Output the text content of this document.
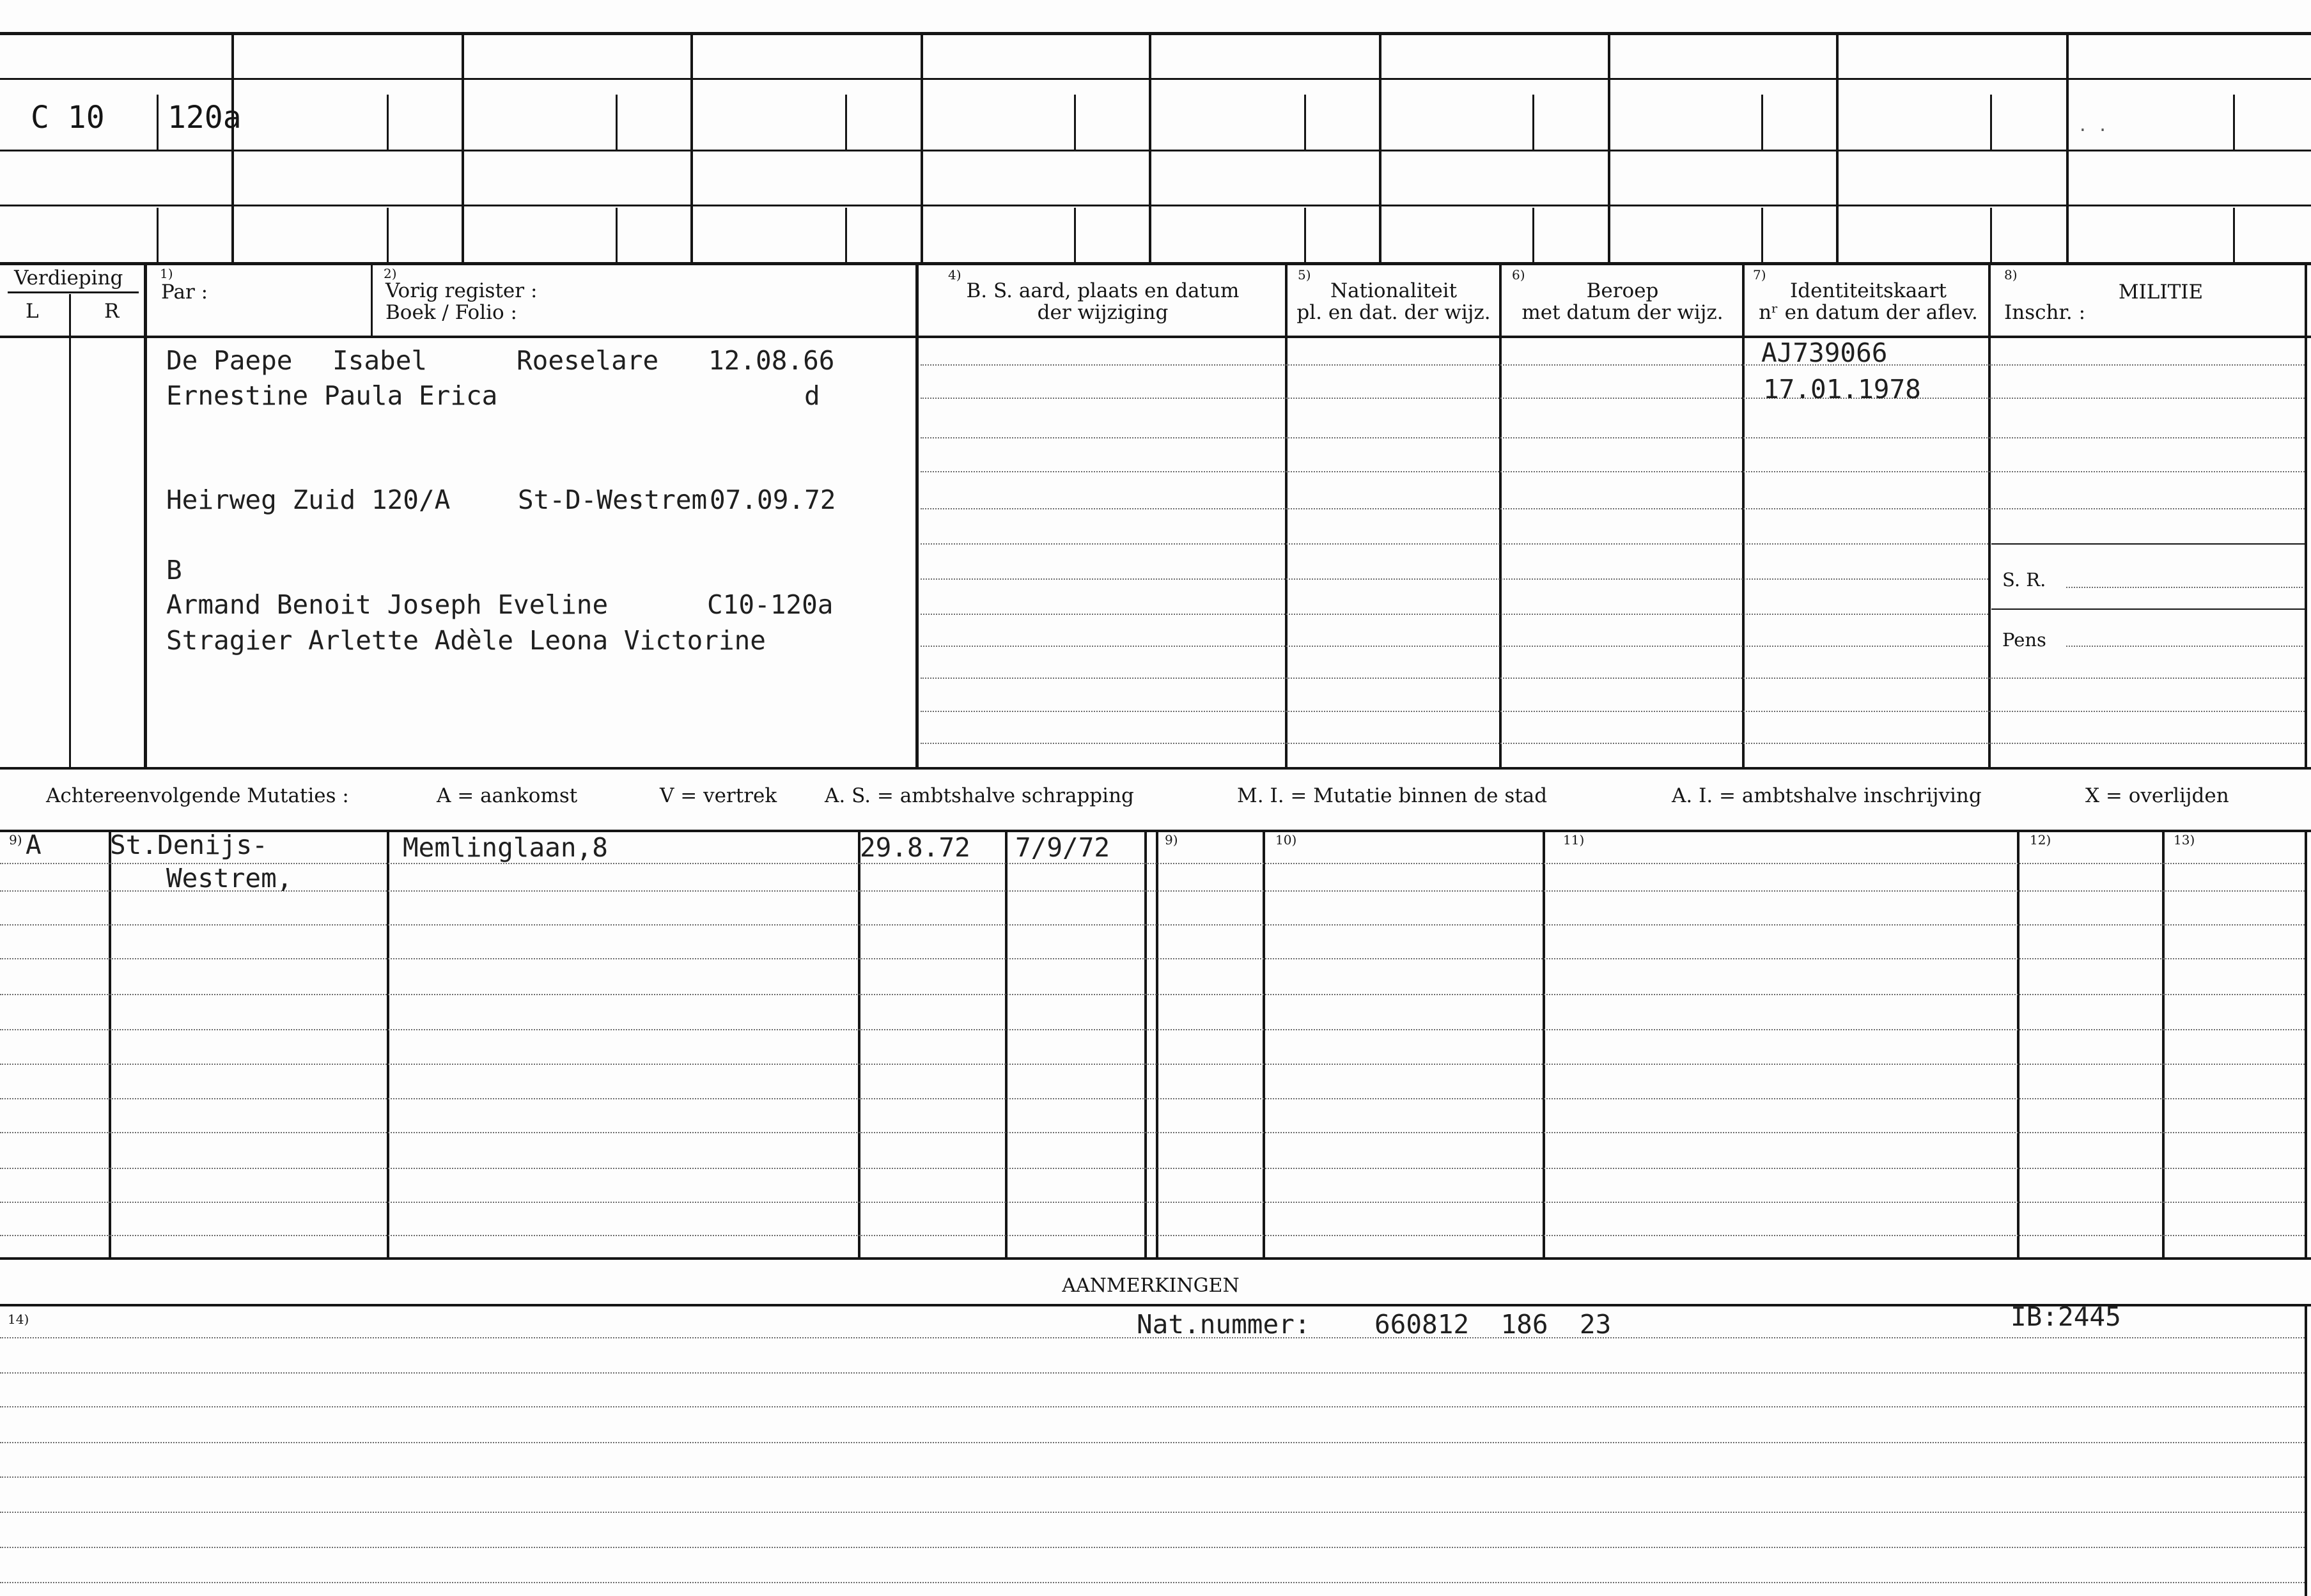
C 10 120a	. .
Verdieping
L	R
1)
Par :
2)
Vorig register :
Boek / Folio :
4)
B. S. aard, plaats en datum
der wijziging
5)
Nationaliteit
pl. en dat. der wijz.
6)
Beroep
met datum der wijz.
7)
Identiteitskaart
nʳ en datum der aflev.
8)
MILITIE
Inschr. :
De Paepe Isabel	Roeselare 12.08.66
Ernestine Paula Erica	d
Heirweg Zuid 120/A	St-D-Westrem 07.09.72
B
Armand Benoit Joseph Eveline	C10-120a
Stragier Arlette Adèle Leona Victorine
AJ739066
17.01.1978
S. R.
Pens
Achtereenvolgende Mutaties :	A = aankomst	V = vertrek A. S. = ambtshalve schrapping	M. I. = Mutatie binnen de stad	A. I. = ambtshalve inschrijving	X = overlijden
9)	10)	11)	12)	13)
9) A	St.Denijs-
Westrem,
Memlinglaan,8	29.8.72 7/9/72
AANMERKINGEN
14)	Nat.nummer: 660812  186  23	IB:2445
